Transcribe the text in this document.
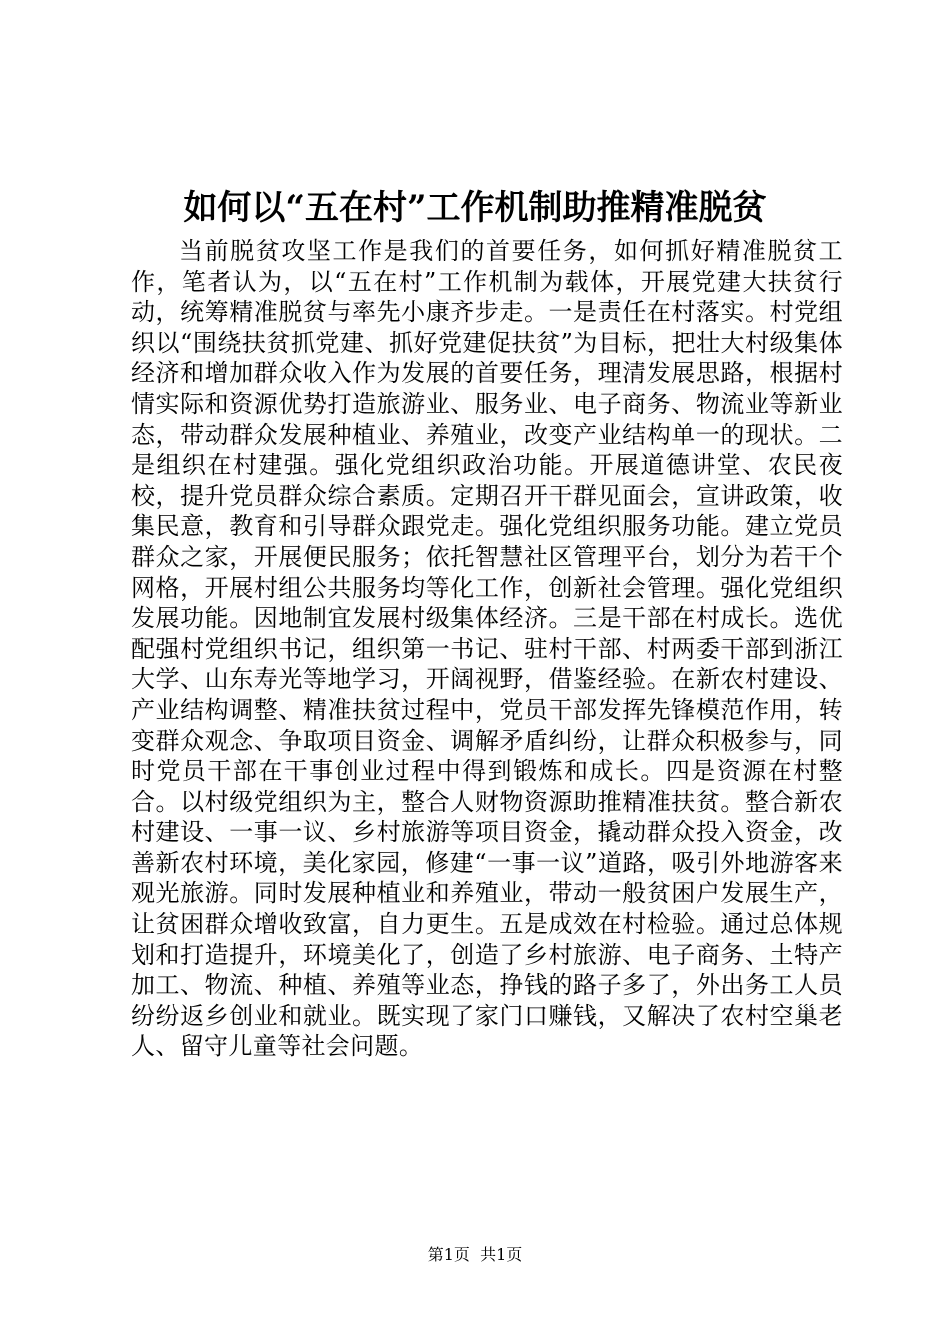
如何以“五在村”工作机制助推精准脱贫

当前脱贫攻坚工作是我们的首要任务，如何抓好精准脱贫工作，笔者认为，以“五在村”工作机制为载体，开展党建大扶贫行动，统筹精准脱贫与率先小康齐步走。一是责任在村落实。村党组织以“围绕扶贫抓党建、抓好党建促扶贫”为目标，把壮大村级集体经济和增加群众收入作为发展的首要任务，理清发展思路，根据村情实际和资源优势打造旅游业、服务业、电子商务、物流业等新业态，带动群众发展种植业、养殖业，改变产业结构单一的现状。二是组织在村建强。强化党组织政治功能。开展道德讲堂、农民夜校，提升党员群众综合素质。定期召开干群见面会，宣讲政策，收集民意，教育和引导群众跟党走。强化党组织服务功能。建立党员群众之家，开展便民服务；依托智慧社区管理平台，划分为若干个网格，开展村组公共服务均等化工作，创新社会管理。强化党组织发展功能。因地制宜发展村级集体经济。三是干部在村成长。选优配强村党组织书记，组织第一书记、驻村干部、村两委干部到浙江大学、山东寿光等地学习，开阔视野，借鉴经验。在新农村建设、产业结构调整、精准扶贫过程中，党员干部发挥先锋模范作用，转变群众观念、争取项目资金、调解矛盾纠纷，让群众积极参与，同时党员干部在干事创业过程中得到锻炼和成长。四是资源在村整合。以村级党组织为主，整合人财物资源助推精准扶贫。整合新农村建设、一事一议、乡村旅游等项目资金，撬动群众投入资金，改善新农村环境，美化家园，修建“一事一议”道路，吸引外地游客来观光旅游。同时发展种植业和养殖业，带动一般贫困户发展生产，让贫困群众增收致富，自力更生。五是成效在村检验。通过总体规划和打造提升，环境美化了，创造了乡村旅游、电子商务、土特产加工、物流、种植、养殖等业态，挣钱的路子多了，外出务工人员纷纷返乡创业和就业。既实现了家门口赚钱，又解决了农村空巢老人、留守儿童等社会问题。

第1页 共1页
